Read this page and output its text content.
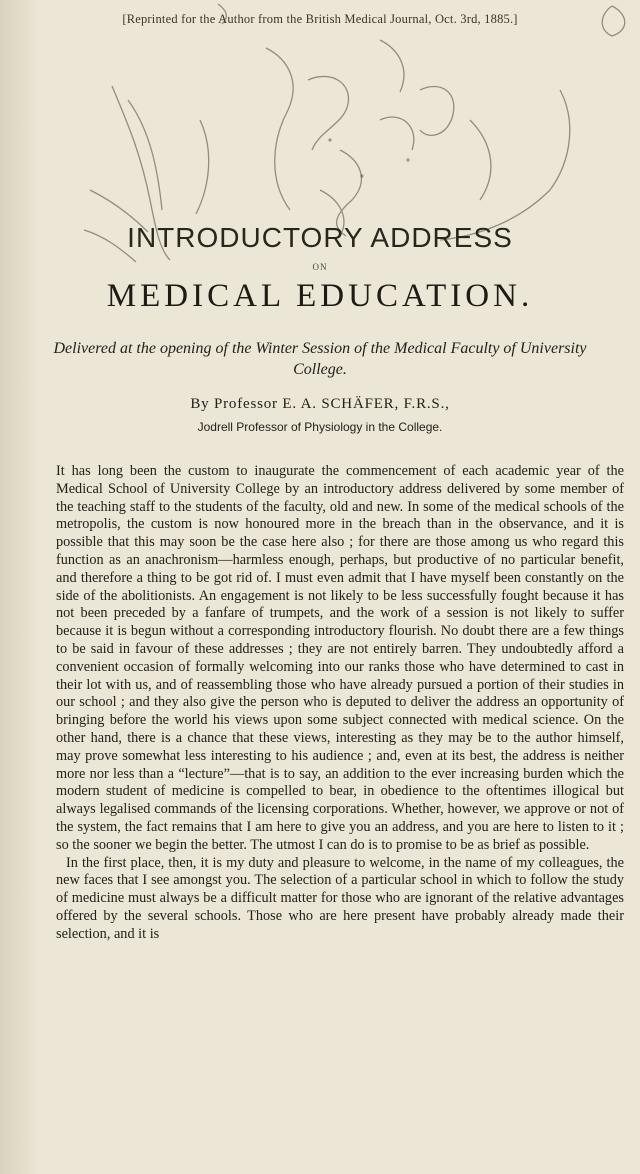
[Reprinted for the Author from the British Medical Journal, Oct. 3rd, 1885.]
INTRODUCTORY ADDRESS
ON
MEDICAL EDUCATION.
Delivered at the opening of the Winter Session of the Medical Faculty of University College.
By Professor E. A. SCHÄFER, F.R.S.,
Jodrell Professor of Physiology in the College.

It has long been the custom to inaugurate the commencement of each academic year of the Medical School of University College by an introductory address delivered by some member of the teaching staff to the students of the faculty, old and new. In some of the medical schools of the metropolis, the custom is now honoured more in the breach than in the observance, and it is possible that this may soon be the case here also ; for there are those among us who regard this function as an anachronism—harmless enough, perhaps, but productive of no particular benefit, and therefore a thing to be got rid of. I must even admit that I have myself been constantly on the side of the abolitionists. An engagement is not likely to be less successfully fought because it has not been preceded by a fanfare of trumpets, and the work of a session is not likely to suffer because it is begun without a corresponding introductory flourish. No doubt there are a few things to be said in favour of these addresses ; they are not entirely barren. They undoubtedly afford a convenient occasion of formally welcoming into our ranks those who have determined to cast in their lot with us, and of reassembling those who have already pursued a portion of their studies in our school ; and they also give the person who is deputed to deliver the address an opportunity of bringing before the world his views upon some subject connected with medical science. On the other hand, there is a chance that these views, interesting as they may be to the author himself, may prove somewhat less interesting to his audience ; and, even at its best, the address is neither more nor less than a “lecture”—that is to say, an addition to the ever increasing burden which the modern student of medicine is compelled to bear, in obedience to the oftentimes illogical but always legalised commands of the licensing corporations. Whether, however, we approve or not of the system, the fact remains that I am here to give you an address, and you are here to listen to it ; so the sooner we begin the better. The utmost I can do is to promise to be as brief as possible.

In the first place, then, it is my duty and pleasure to welcome, in the name of my colleagues, the new faces that I see amongst you. The selection of a particular school in which to follow the study of medicine must always be a difficult matter for those who are ignorant of the relative advantages offered by the several schools. Those who are here present have probably already made their selection, and it is
